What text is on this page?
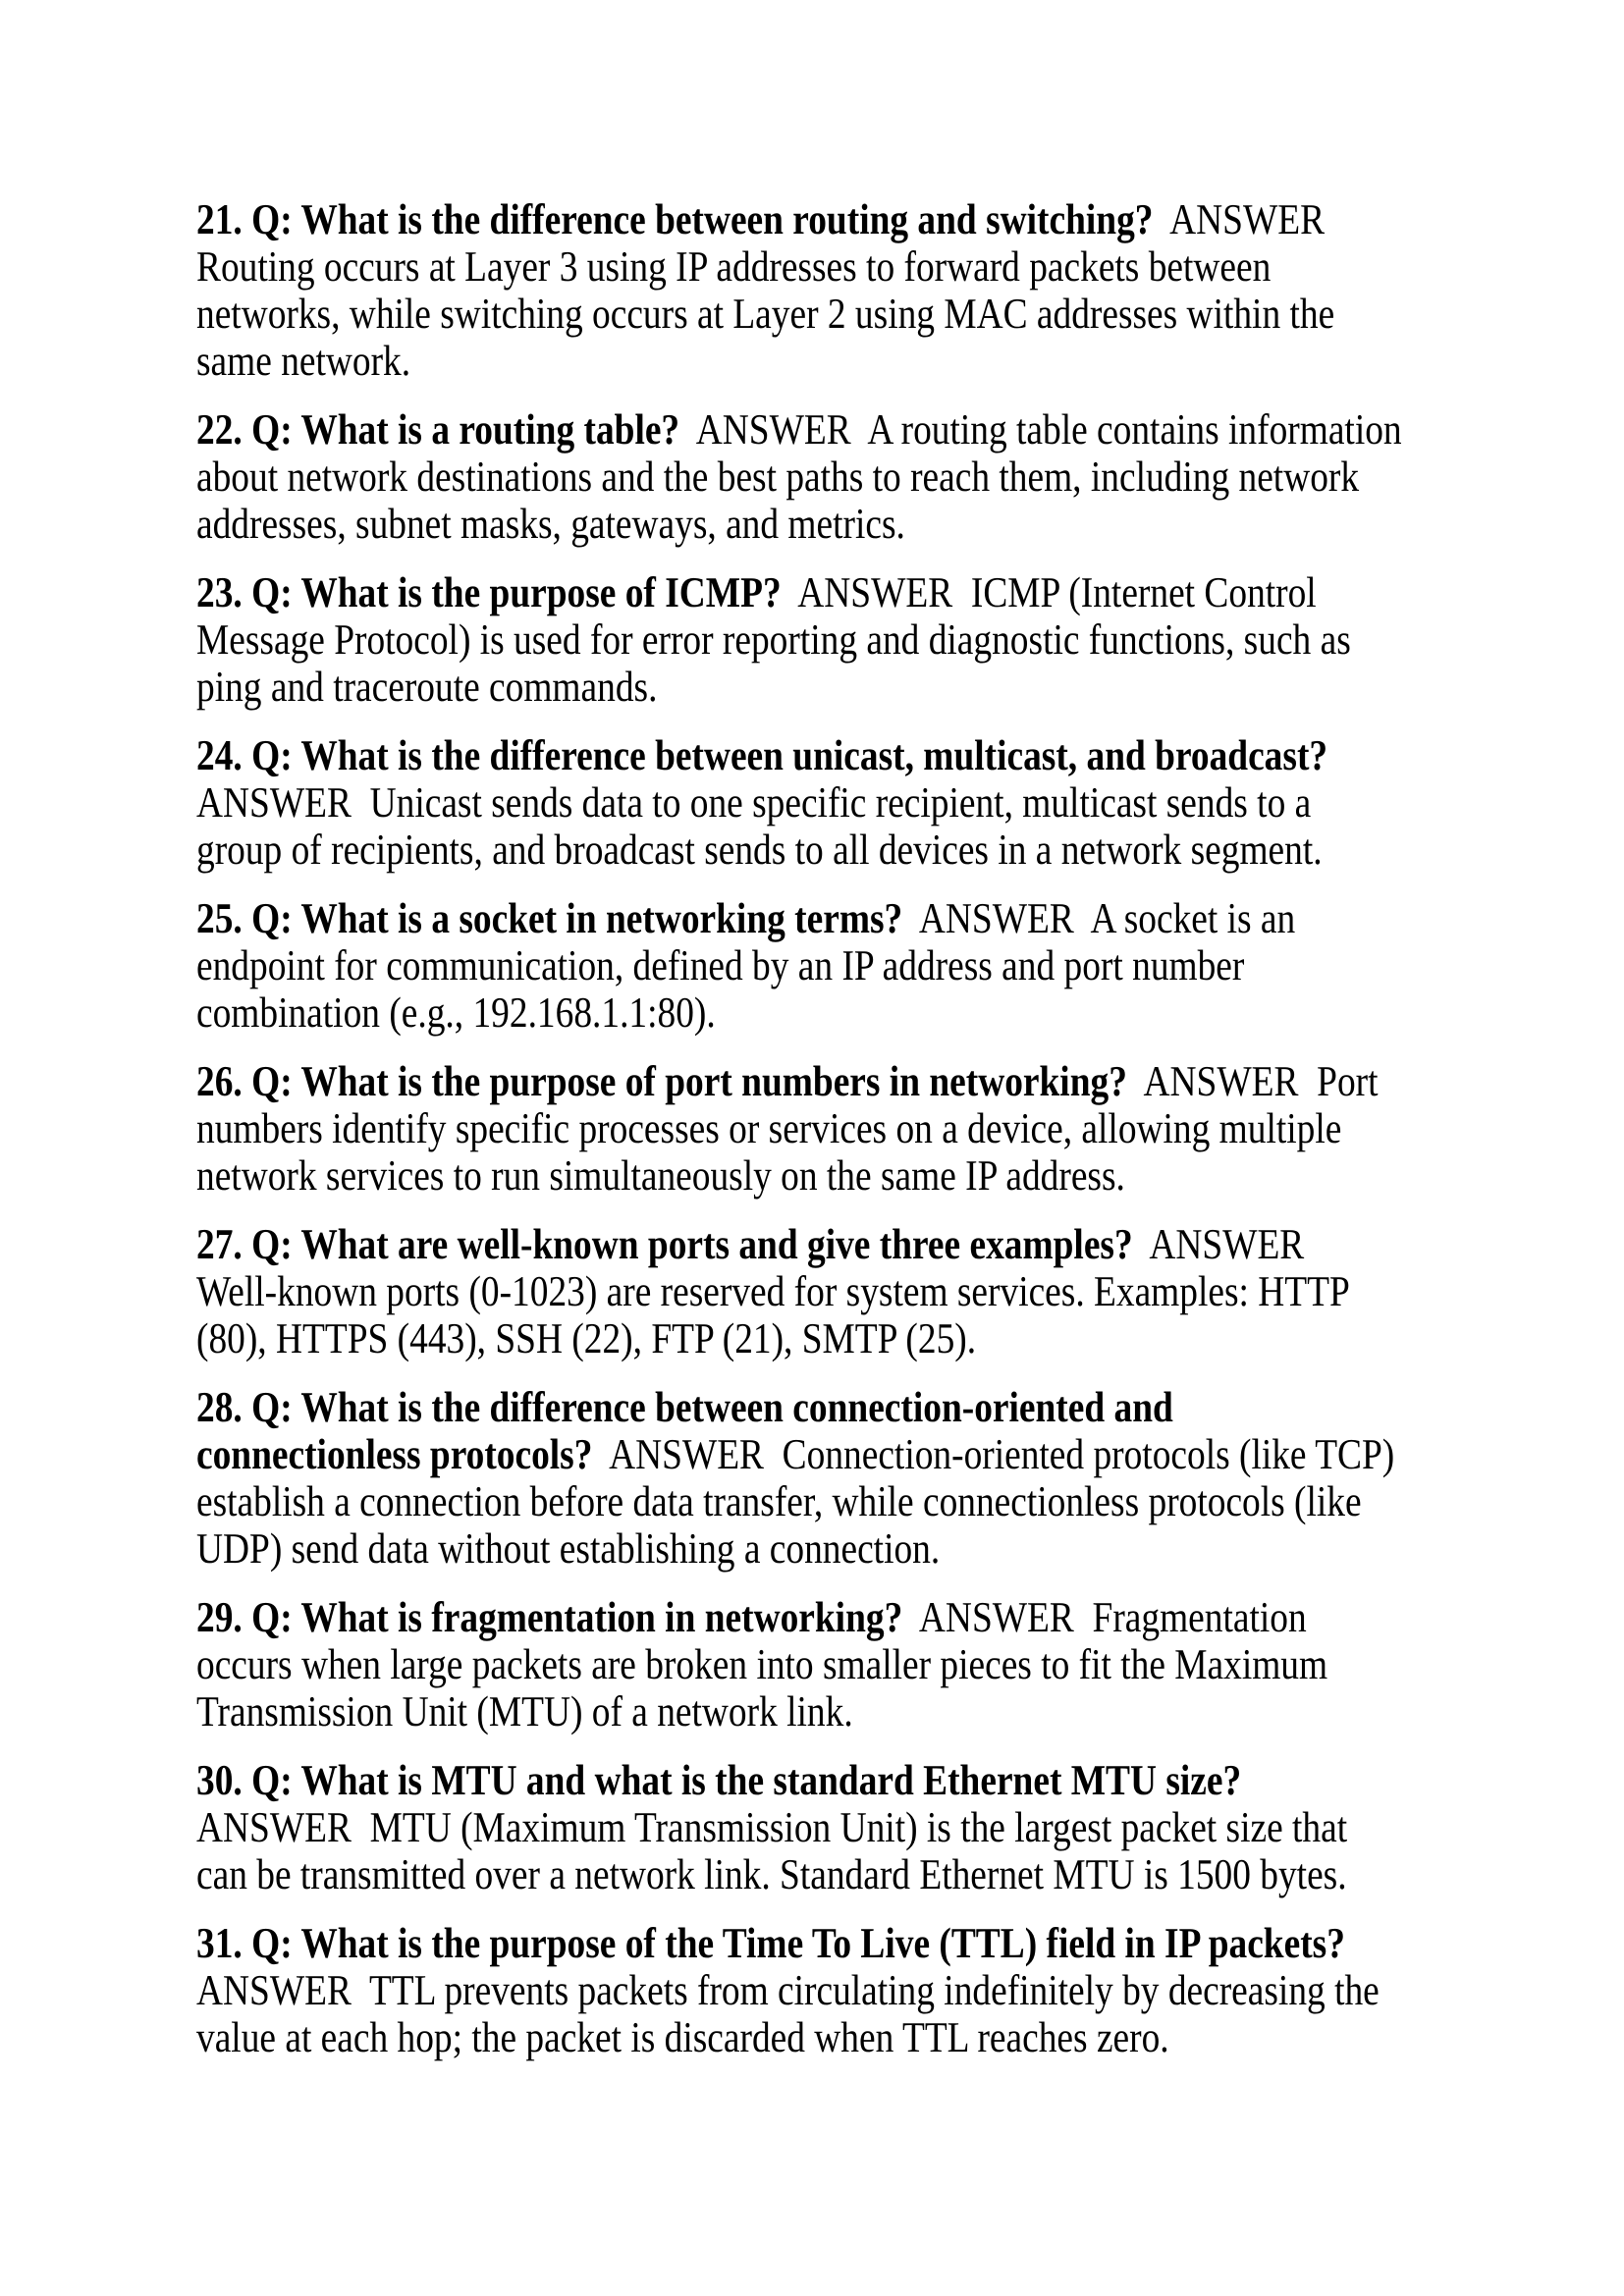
21. Q: What is the difference between routing and switching? ANSWER  Routing occurs at Layer 3 using IP addresses to forward packets between networks, while switching occurs at Layer 2 using MAC addresses within the same network.

22. Q: What is a routing table? ANSWER A routing table contains information about network destinations and the best paths to reach them, including network addresses, subnet masks, gateways, and metrics.

23. Q: What is the purpose of ICMP? ANSWER ICMP (Internet Control Message Protocol) is used for error reporting and diagnostic functions, such as ping and traceroute commands.

24. Q: What is the difference between unicast, multicast, and broadcast?  ANSWER Unicast sends data to one specific recipient, multicast sends to a group of recipients, and broadcast sends to all devices in a network segment.

25. Q: What is a socket in networking terms? ANSWER A socket is an endpoint for communication, defined by an IP address and port number combination (e.g., 192.168.1.1:80).

26. Q: What is the purpose of port numbers in networking? ANSWER Port numbers identify specific processes or services on a device, allowing multiple network services to run simultaneously on the same IP address.

27. Q: What are well-known ports and give three examples? ANSWER  Well-known ports (0-1023) are reserved for system services. Examples: HTTP (80), HTTPS (443), SSH (22), FTP (21), SMTP (25).

28. Q: What is the difference between connection-oriented and connectionless protocols? ANSWER Connection-oriented protocols (like TCP) establish a connection before data transfer, while connectionless protocols (like UDP) send data without establishing a connection.

29. Q: What is fragmentation in networking? ANSWER Fragmentation occurs when large packets are broken into smaller pieces to fit the Maximum Transmission Unit (MTU) of a network link.

30. Q: What is MTU and what is the standard Ethernet MTU size?  ANSWER MTU (Maximum Transmission Unit) is the largest packet size that can be transmitted over a network link. Standard Ethernet MTU is 1500 bytes.

31. Q: What is the purpose of the Time To Live (TTL) field in IP packets?  ANSWER TTL prevents packets from circulating indefinitely by decreasing the value at each hop; the packet is discarded when TTL reaches zero.
